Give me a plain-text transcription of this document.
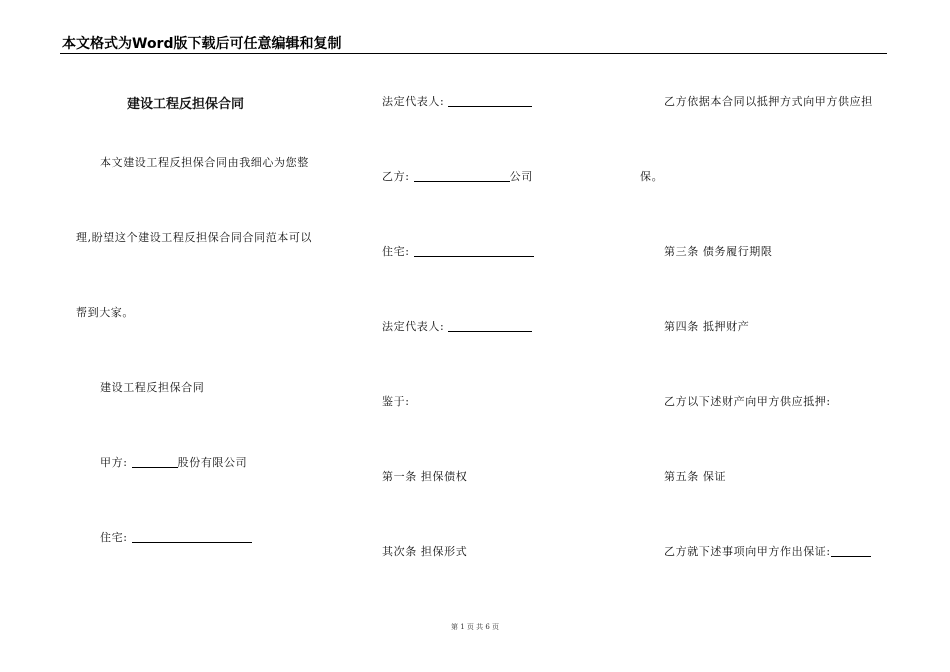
本文格式为Word版下载后可任意编辑和复制
建设工程反担保合同
本文建设工程反担保合同由我细心为您整
理,盼望这个建设工程反担保合同合同范本可以
帮到大家。
建设工程反担保合同
甲方:	股份有限公司
住宅:
法定代表人:
乙方:	公司
住宅:
法定代表人:
鉴于:
第一条 担保债权
其次条 担保形式
乙方依据本合同以抵押方式向甲方供应担
保。
第三条 债务履行期限
第四条 抵押财产
乙方以下述财产向甲方供应抵押:
第五条 保证
乙方就下述事项向甲方作出保证:
第 1 页 共 6 页
